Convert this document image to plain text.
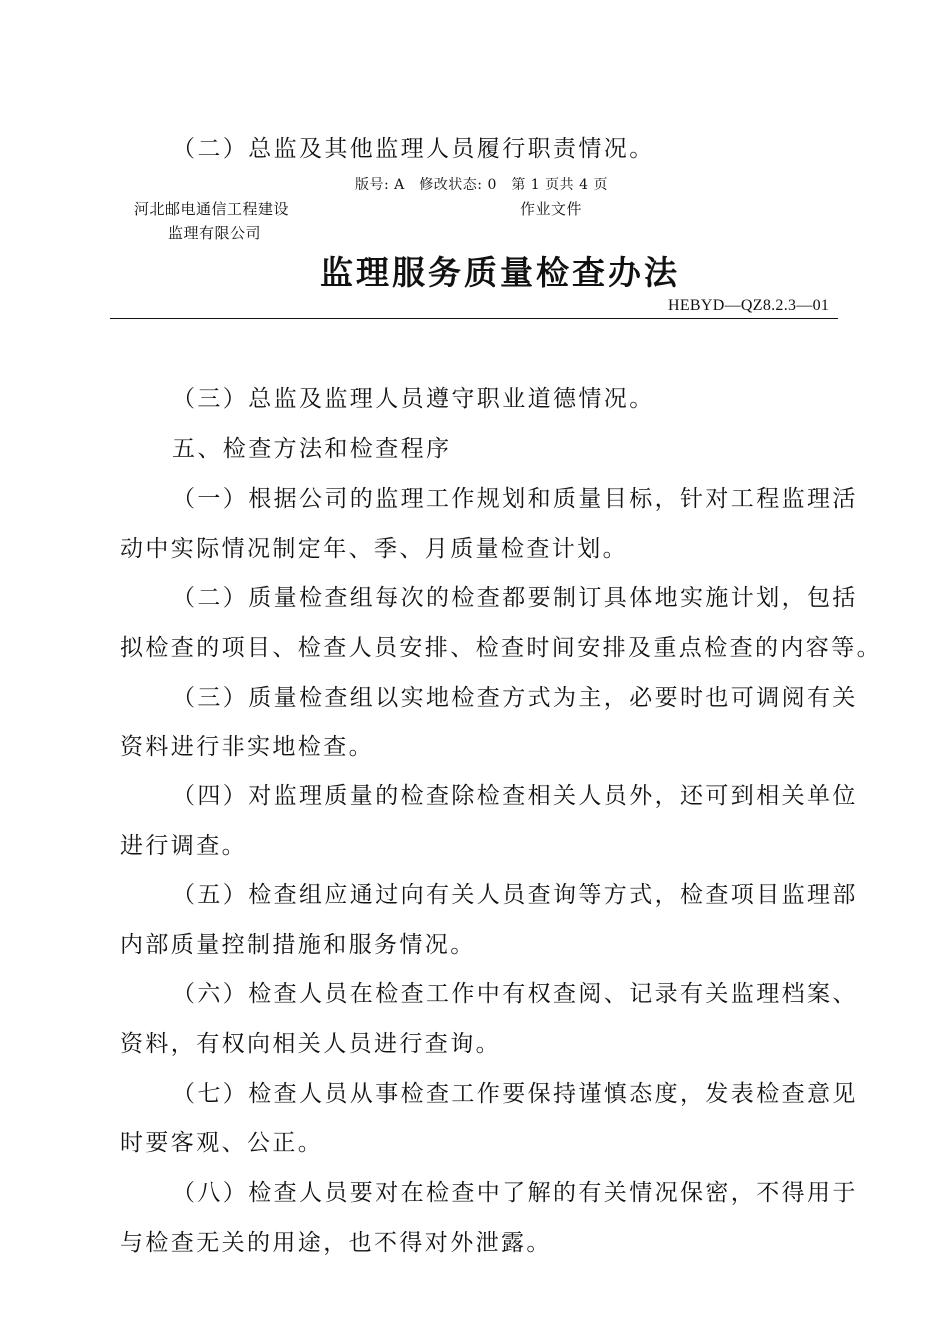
（二）总监及其他监理人员履行职责情况。
版号: A　修改状态: 0　第 1 页共 4 页
河北邮电通信工程建设	作业文件
监理有限公司
监理服务质量检查办法
HEBYD—QZ8.2.3—01
（三）总监及监理人员遵守职业道德情况。
五、检查方法和检查程序
（一）根据公司的监理工作规划和质量目标，针对工程监理活
动中实际情况制定年、季、月质量检查计划。
（二）质量检查组每次的检查都要制订具体地实施计划，包括
拟检查的项目、检查人员安排、检查时间安排及重点检查的内容等。
（三）质量检查组以实地检查方式为主，必要时也可调阅有关
资料进行非实地检查。
（四）对监理质量的检查除检查相关人员外，还可到相关单位
进行调查。
（五）检查组应通过向有关人员查询等方式，检查项目监理部
内部质量控制措施和服务情况。
（六）检查人员在检查工作中有权查阅、记录有关监理档案、
资料，有权向相关人员进行查询。
（七）检查人员从事检查工作要保持谨慎态度，发表检查意见
时要客观、公正。
（八）检查人员要对在检查中了解的有关情况保密，不得用于
与检查无关的用途，也不得对外泄露。
